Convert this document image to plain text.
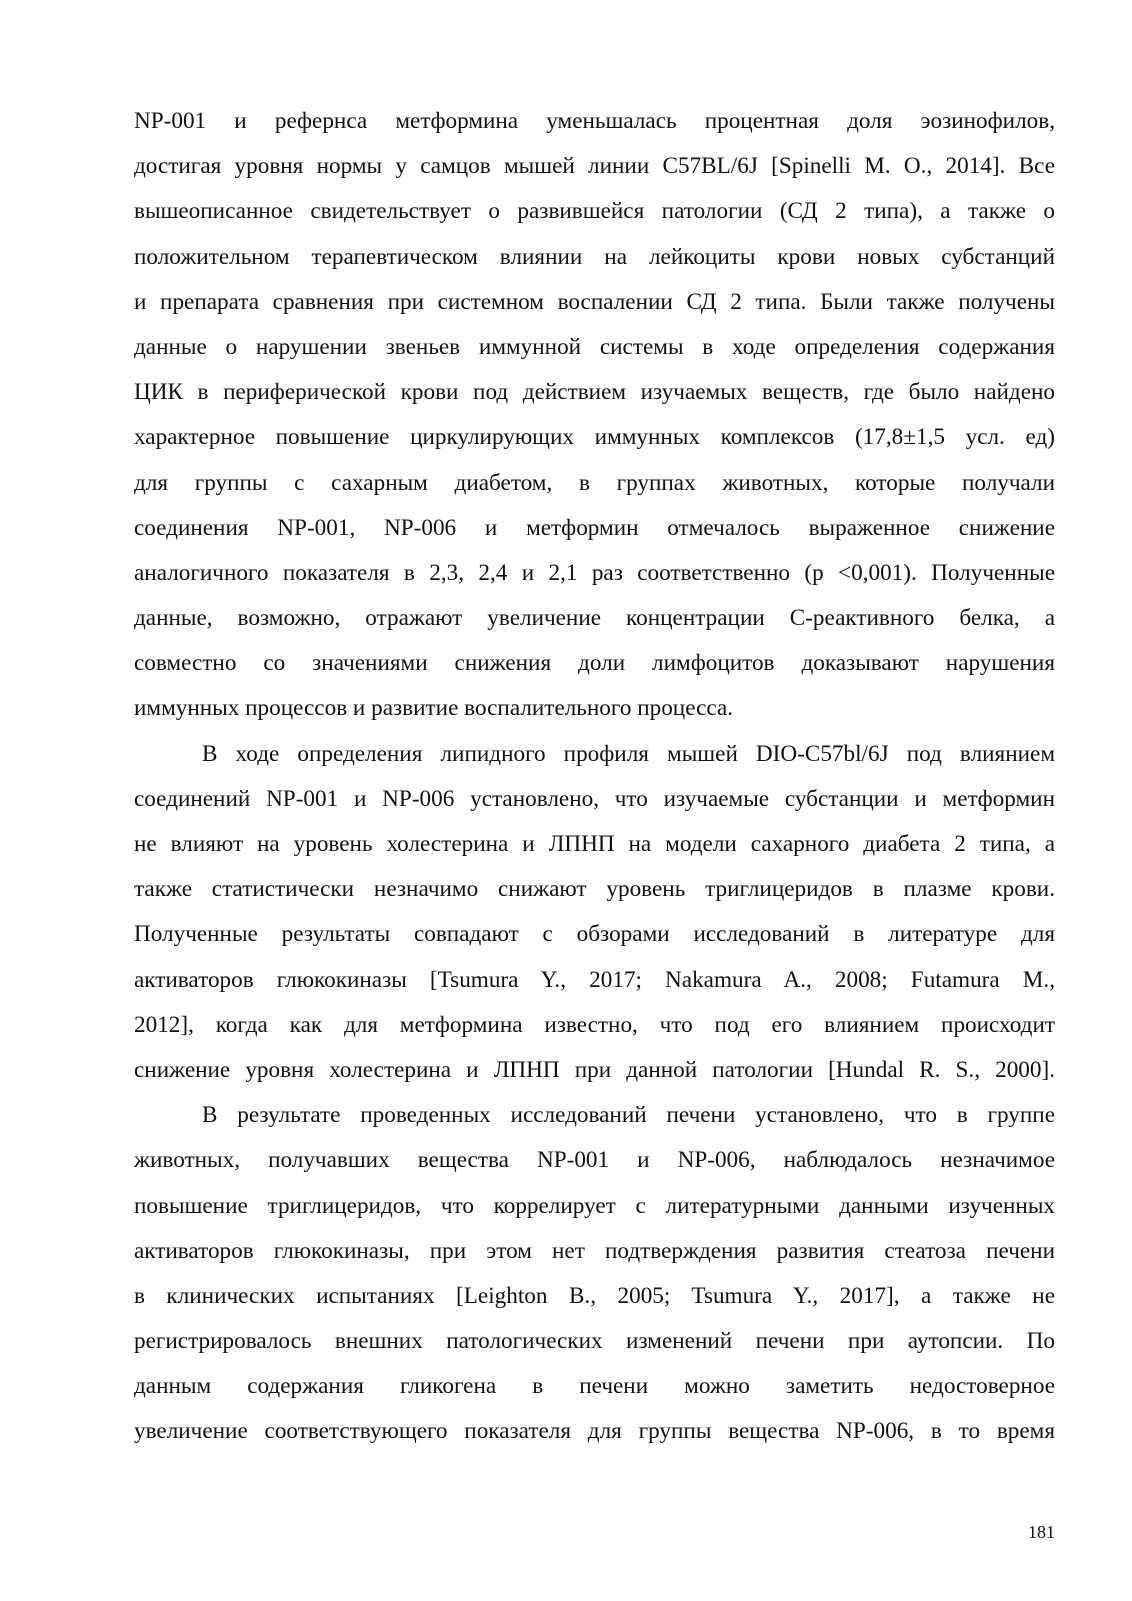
NP-001 и рефернса метформина уменьшалась процентная доля эозинофилов,
достигая уровня нормы у самцов мышей линии C57BL/6J [Spinelli M. O., 2014]. Все
вышеописанное свидетельствует о развившейся патологии (СД 2 типа), а также о
положительном терапевтическом влиянии на лейкоциты крови новых субстанций
и препарата сравнения при системном воспалении СД 2 типа. Были также получены
данные о нарушении звеньев иммунной системы в ходе определения содержания
ЦИК в периферической крови под действием изучаемых веществ, где было найдено
характерное повышение циркулирующих иммунных комплексов (17,8±1,5 усл. ед)
для группы с сахарным диабетом, в группах животных, которые получали
соединения NP-001, NP-006 и метформин отмечалось выраженное снижение
аналогичного показателя в 2,3, 2,4 и 2,1 раз соответственно (p <0,001). Полученные
данные, возможно, отражают увеличение концентрации С-реактивного белка, а
совместно со значениями снижения доли лимфоцитов доказывают нарушения
иммунных процессов и развитие воспалительного процесса.
В ходе определения липидного профиля мышей DIO-C57bl/6J под влиянием
соединений NP-001 и NP-006 установлено, что изучаемые субстанции и метформин
не влияют на уровень холестерина и ЛПНП на модели сахарного диабета 2 типа, а
также статистически незначимо снижают уровень триглицеридов в плазме крови.
Полученные результаты совпадают с обзорами исследований в литературе для
активаторов глюкокиназы [Tsumura Y., 2017; Nakamura A., 2008; Futamura M.,
2012], когда как для метформина известно, что под его влиянием происходит
снижение уровня холестерина и ЛПНП при данной патологии [Hundal R. S., 2000].
В результате проведенных исследований печени установлено, что в группе
животных, получавших вещества NP-001 и NP-006, наблюдалось незначимое
повышение триглицеридов, что коррелирует с литературными данными изученных
активаторов глюкокиназы, при этом нет подтверждения развития стеатоза печени
в клинических испытаниях [Leighton B., 2005; Tsumura Y., 2017], а также не
регистрировалось внешних патологических изменений печени при аутопсии. По
данным содержания гликогена в печени можно заметить недостоверное
увеличение соответствующего показателя для группы вещества NP-006, в то время
181
